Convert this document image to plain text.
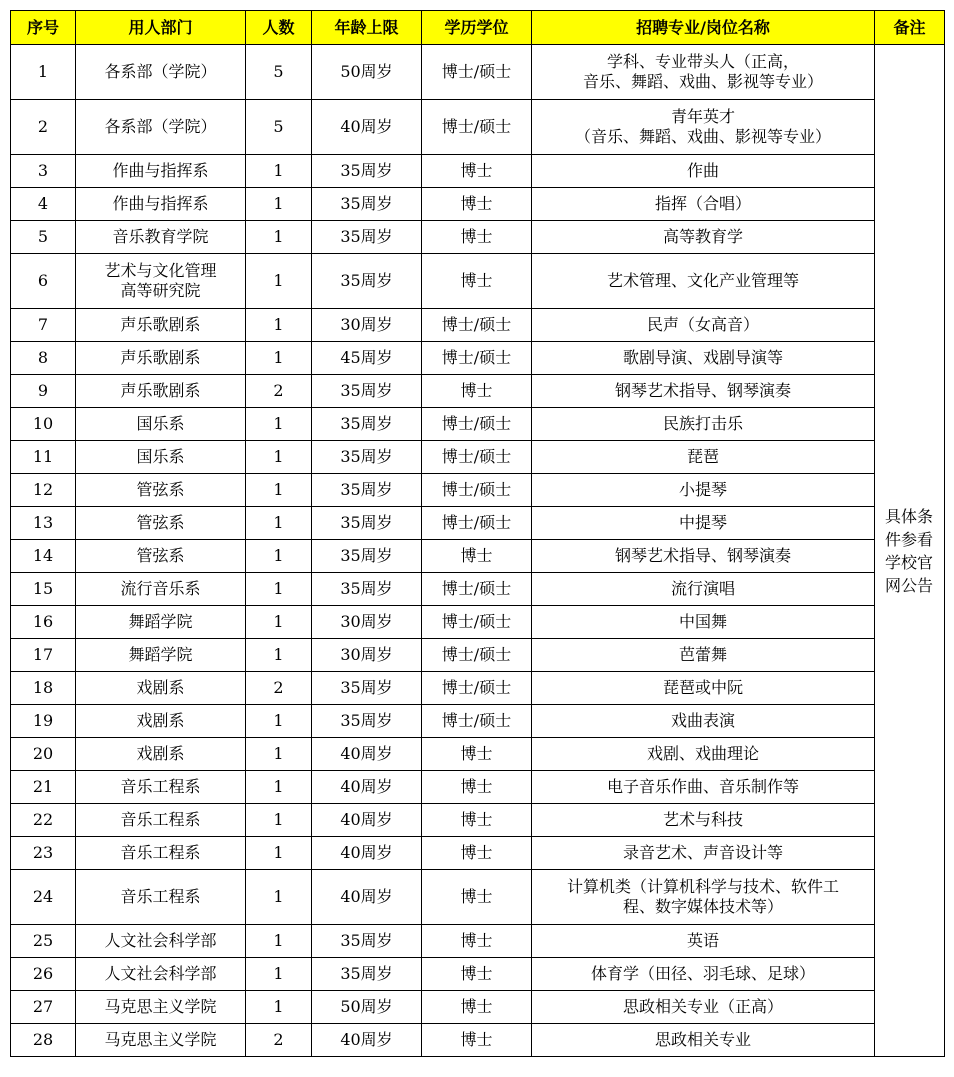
序号	用人部门	人数	年龄上限	学历学位	招聘专业/岗位名称	备注
1	各系部（学院）	5	50周岁	博士/硕士	学科、专业带头人（正高，
音乐、舞蹈、戏曲、影视等专业）	具体条件参看学校官网公告
2	各系部（学院）	5	40周岁	博士/硕士	青年英才
（音乐、舞蹈、戏曲、影视等专业）	
3	作曲与指挥系	1	35周岁	博士	作曲	
4	作曲与指挥系	1	35周岁	博士	指挥（合唱）	
5	音乐教育学院	1	35周岁	博士	高等教育学	
6	艺术与文化管理
高等研究院	1	35周岁	博士	艺术管理、文化产业管理等	
7	声乐歌剧系	1	30周岁	博士/硕士	民声（女高音）	
8	声乐歌剧系	1	45周岁	博士/硕士	歌剧导演、戏剧导演等	
9	声乐歌剧系	2	35周岁	博士	钢琴艺术指导、钢琴演奏	
10	国乐系	1	35周岁	博士/硕士	民族打击乐	
11	国乐系	1	35周岁	博士/硕士	琵琶	
12	管弦系	1	35周岁	博士/硕士	小提琴	
13	管弦系	1	35周岁	博士/硕士	中提琴	
14	管弦系	1	35周岁	博士	钢琴艺术指导、钢琴演奏	
15	流行音乐系	1	35周岁	博士/硕士	流行演唱	
16	舞蹈学院	1	30周岁	博士/硕士	中国舞	
17	舞蹈学院	1	30周岁	博士/硕士	芭蕾舞	
18	戏剧系	2	35周岁	博士/硕士	琵琶或中阮	
19	戏剧系	1	35周岁	博士/硕士	戏曲表演	
20	戏剧系	1	40周岁	博士	戏剧、戏曲理论	
21	音乐工程系	1	40周岁	博士	电子音乐作曲、音乐制作等	
22	音乐工程系	1	40周岁	博士	艺术与科技	
23	音乐工程系	1	40周岁	博士	录音艺术、声音设计等	
24	音乐工程系	1	40周岁	博士	计算机类（计算机科学与技术、软件工
程、数字媒体技术等）	
25	人文社会科学部	1	35周岁	博士	英语	
26	人文社会科学部	1	35周岁	博士	体育学（田径、羽毛球、足球）	
27	马克思主义学院	1	50周岁	博士	思政相关专业（正高）	
28	马克思主义学院	2	40周岁	博士	思政相关专业	
